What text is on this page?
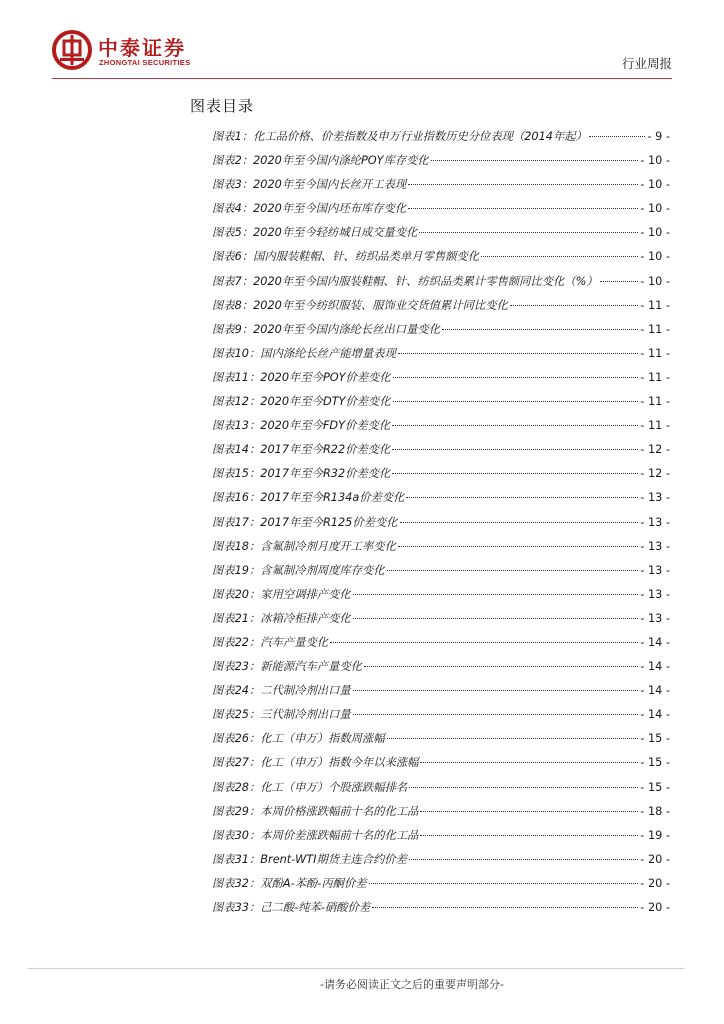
中泰证券
ZHONGTAI SECURITIES	行业周报
图表目录
图表1 ： 化工品价格、价差指数及申万行业指数历史分位表现（2014年起）	- 9 -
图表2 ： 2020年至今国内涤纶POY库存变化	- 10 -
图表3 ： 2020年至今国内长丝开工表现	- 10 -
图表4 ： 2020年至今国内坯布库存变化	- 10 -
图表5 ： 2020年至今轻纺城日成交量变化	- 10 -
图表6 ： 国内服装鞋帽、针、纺织品类单月零售额变化	- 10 -
图表7 ： 2020年至今国内服装鞋帽、针、纺织品类累计零售额同比变化（%）	- 10 -
图表8 ： 2020年至今纺织服装、服饰业交货值累计同比变化	- 11 -
图表9 ： 2020年至今国内涤纶长丝出口量变化	- 11 -
图表10 ： 国内涤纶长丝产能增量表现	- 11 -
图表11 ： 2020年至今POY价差变化	- 11 -
图表12 ： 2020年至今DTY价差变化	- 11 -
图表13 ： 2020年至今FDY价差变化	- 11 -
图表14 ： 2017年至今R22价差变化	- 12 -
图表15 ： 2017年至今R32价差变化	- 12 -
图表16 ： 2017年至今R134a价差变化	- 13 -
图表17 ： 2017年至今R125价差变化	- 13 -
图表18 ： 含氟制冷剂月度开工率变化	- 13 -
图表19 ： 含氟制冷剂周度库存变化	- 13 -
图表20 ： 家用空调排产变化	- 13 -
图表21 ： 冰箱冷柜排产变化	- 13 -
图表22 ： 汽车产量变化	- 14 -
图表23 ： 新能源汽车产量变化	- 14 -
图表24 ： 二代制冷剂出口量	- 14 -
图表25 ： 三代制冷剂出口量	- 14 -
图表26 ： 化工（申万）指数周涨幅	- 15 -
图表27 ： 化工（申万）指数今年以来涨幅	- 15 -
图表28 ： 化工（申万）个股涨跌幅排名	- 15 -
图表29 ： 本周价格涨跌幅前十名的化工品	- 18 -
图表30 ： 本周价差涨跌幅前十名的化工品	- 19 -
图表31 ： Brent-WTI期货主连合约价差	- 20 -
图表32 ： 双酚A-苯酚-丙酮价差	- 20 -
图表33 ： 己二酸-纯苯-硝酸价差	- 20 -
-请务必阅读正文之后的重要声明部分-
